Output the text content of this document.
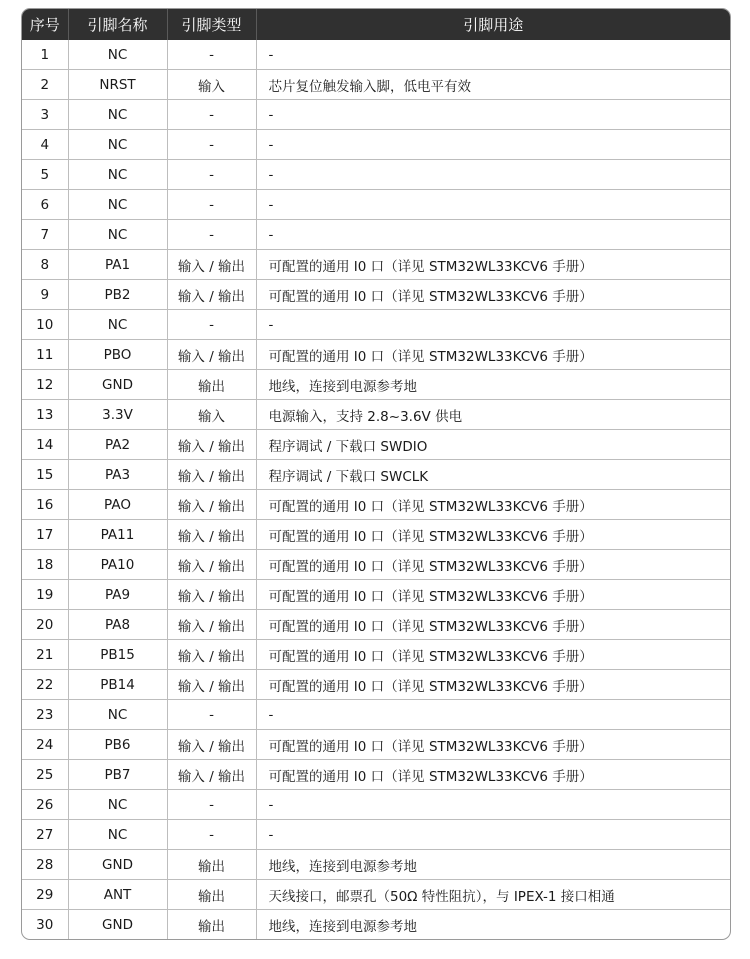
序号	引脚名称	引脚类型	引脚用途
1	NC	-	-
2	NRST	输入	芯片复位触发输入脚，低电平有效
3	NC	-	-
4	NC	-	-
5	NC	-	-
6	NC	-	-
7	NC	-	-
8	PA1	输入 / 输出	可配置的通用 I0 口（详见 STM32WL33KCV6 手册）
9	PB2	输入 / 输出	可配置的通用 I0 口（详见 STM32WL33KCV6 手册）
10	NC	-	-
11	PBO	输入 / 输出	可配置的通用 I0 口（详见 STM32WL33KCV6 手册）
12	GND	输出	地线，连接到电源参考地
13	3.3V	输入	电源输入，支持 2.8~3.6V 供电
14	PA2	输入 / 输出	程序调试 / 下载口 SWDIO
15	PA3	输入 / 输出	程序调试 / 下载口 SWCLK
16	PAO	输入 / 输出	可配置的通用 I0 口（详见 STM32WL33KCV6 手册）
17	PA11	输入 / 输出	可配置的通用 I0 口（详见 STM32WL33KCV6 手册）
18	PA10	输入 / 输出	可配置的通用 I0 口（详见 STM32WL33KCV6 手册）
19	PA9	输入 / 输出	可配置的通用 I0 口（详见 STM32WL33KCV6 手册）
20	PA8	输入 / 输出	可配置的通用 I0 口（详见 STM32WL33KCV6 手册）
21	PB15	输入 / 输出	可配置的通用 I0 口（详见 STM32WL33KCV6 手册）
22	PB14	输入 / 输出	可配置的通用 I0 口（详见 STM32WL33KCV6 手册）
23	NC	-	-
24	PB6	输入 / 输出	可配置的通用 I0 口（详见 STM32WL33KCV6 手册）
25	PB7	输入 / 输出	可配置的通用 I0 口（详见 STM32WL33KCV6 手册）
26	NC	-	-
27	NC	-	-
28	GND	输出	地线，连接到电源参考地
29	ANT	输出	天线接口，邮票孔（50Ω 特性阻抗），与 IPEX-1 接口相通
30	GND	输出	地线，连接到电源参考地
